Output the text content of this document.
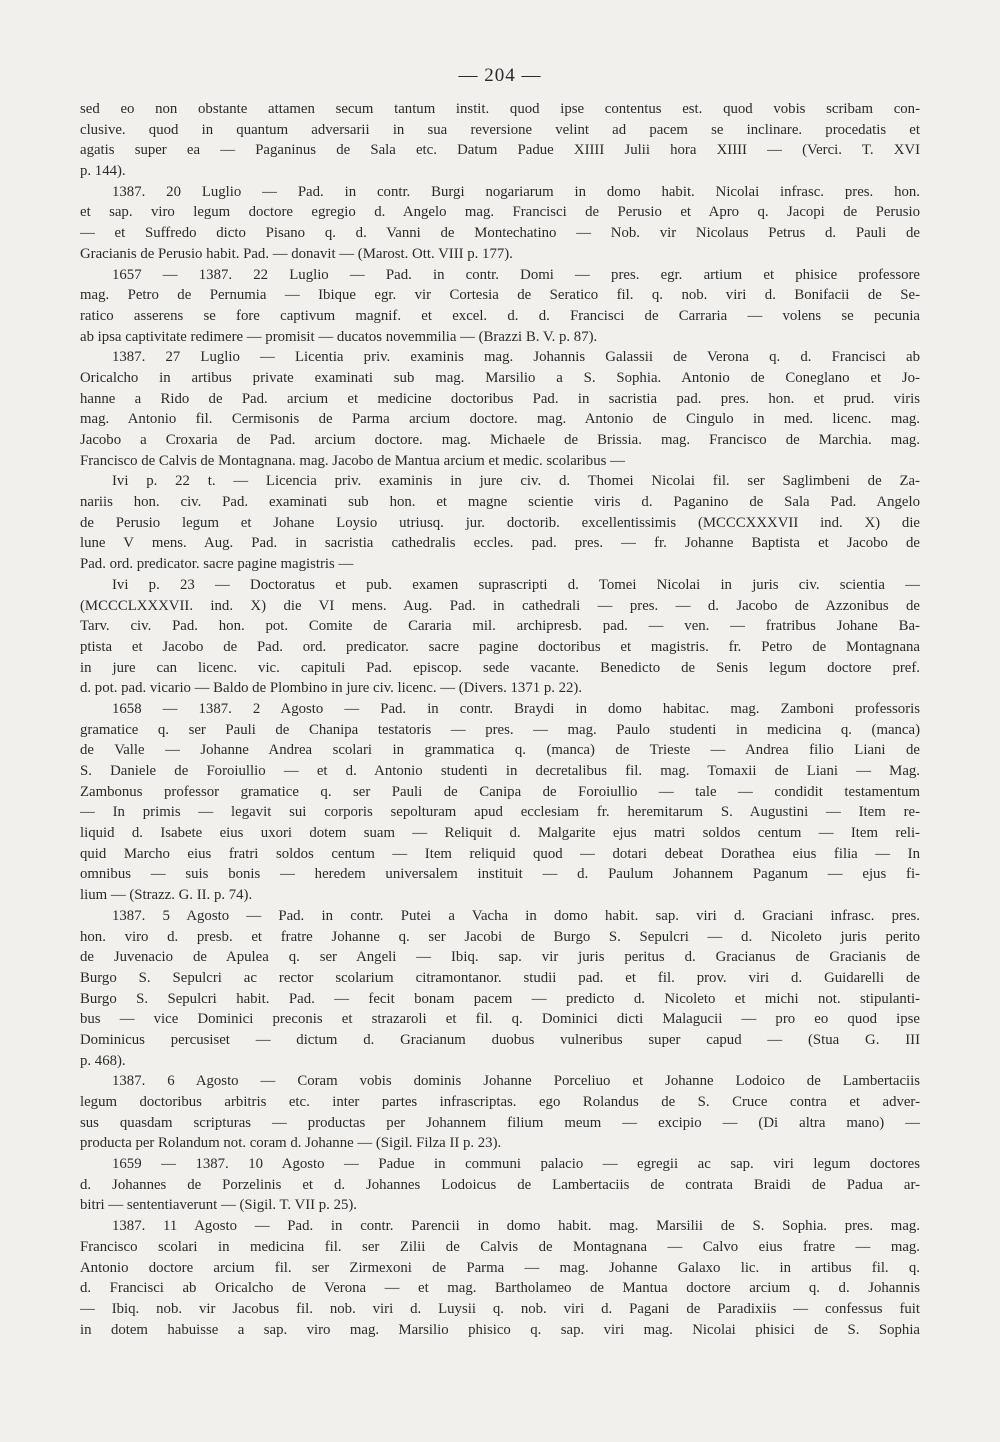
— 204 —
sed eo non obstante attamen secum tantum instit. quod ipse contentus est. quod vobis scribam con-
clusive. quod in quantum adversarii in sua reversione velint ad pacem se inclinare. procedatis et
agatis super ea — Paganinus de Sala etc. Datum Padue XIIII Julii hora XIIII — (Verci. T. XVI
p. 144).
1387. 20 Luglio — Pad. in contr. Burgi nogariarum in domo habit. Nicolai infrasc. pres. hon.
et sap. viro legum doctore egregio d. Angelo mag. Francisci de Perusio et Apro q. Jacopi de Perusio
— et Suffredo dicto Pisano q. d. Vanni de Montechatino — Nob. vir Nicolaus Petrus d. Pauli de
Gracianis de Perusio habit. Pad. — donavit — (Marost. Ott. VIII p. 177).
1657 — 1387. 22 Luglio — Pad. in contr. Domi — pres. egr. artium et phisice professore
mag. Petro de Pernumia — Ibique egr. vir Cortesia de Seratico fil. q. nob. viri d. Bonifacii de Se-
ratico asserens se fore captivum magnif. et excel. d. d. Francisci de Carraria — volens se pecunia
ab ipsa captivitate redimere — promisit — ducatos novemmilia — (Brazzi B. V. p. 87).
1387. 27 Luglio — Licentia priv. examinis mag. Johannis Galassii de Verona q. d. Francisci ab
Oricalcho in artibus private examinati sub mag. Marsilio a S. Sophia. Antonio de Coneglano et Jo-
hanne a Rido de Pad. arcium et medicine doctoribus Pad. in sacristia pad. pres. hon. et prud. viris
mag. Antonio fil. Cermisonis de Parma arcium doctore. mag. Antonio de Cingulo in med. licenc. mag.
Jacobo a Croxaria de Pad. arcium doctore. mag. Michaele de Brissia. mag. Francisco de Marchia. mag.
Francisco de Calvis de Montagnana. mag. Jacobo de Mantua arcium et medic. scolaribus —
Ivi p. 22 t. — Licencia priv. examinis in jure civ. d. Thomei Nicolai fil. ser Saglimbeni de Za-
nariis hon. civ. Pad. examinati sub hon. et magne scientie viris d. Paganino de Sala Pad. Angelo
de Perusio legum et Johane Loysio utriusq. jur. doctorib. excellentissimis (MCCCXXXVII ind. X) die
lune V mens. Aug. Pad. in sacristia cathedralis eccles. pad. pres. — fr. Johanne Baptista et Jacobo de
Pad. ord. predicator. sacre pagine magistris —
Ivi p. 23 — Doctoratus et pub. examen suprascripti d. Tomei Nicolai in juris civ. scientia —
(MCCCLXXXVII. ind. X) die VI mens. Aug. Pad. in cathedrali — pres. — d. Jacobo de Azzonibus de
Tarv. civ. Pad. hon. pot. Comite de Cararia mil. archipresb. pad. — ven. — fratribus Johane Ba-
ptista et Jacobo de Pad. ord. predicator. sacre pagine doctoribus et magistris. fr. Petro de Montagnana
in jure can licenc. vic. capituli Pad. episcop. sede vacante. Benedicto de Senis legum doctore pref.
d. pot. pad. vicario — Baldo de Plombino in jure civ. licenc. — (Divers. 1371 p. 22).
1658 — 1387. 2 Agosto — Pad. in contr. Braydi in domo habitac. mag. Zamboni professoris
gramatice q. ser Pauli de Chanipa testatoris — pres. — mag. Paulo studenti in medicina q. (manca)
de Valle — Johanne Andrea scolari in grammatica q. (manca) de Trieste — Andrea filio Liani de
S. Daniele de Foroiullio — et d. Antonio studenti in decretalibus fil. mag. Tomaxii de Liani — Mag.
Zambonus professor gramatice q. ser Pauli de Canipa de Foroiullio — tale — condidit testamentum
— In primis — legavit sui corporis sepolturam apud ecclesiam fr. heremitarum S. Augustini — Item re-
liquid d. Isabete eius uxori dotem suam — Reliquit d. Malgarite ejus matri soldos centum — Item reli-
quid Marcho eius fratri soldos centum — Item reliquid quod — dotari debeat Dorathea eius filia — In
omnibus — suis bonis — heredem universalem instituit — d. Paulum Johannem Paganum — ejus fi-
lium — (Strazz. G. II. p. 74).
1387. 5 Agosto — Pad. in contr. Putei a Vacha in domo habit. sap. viri d. Graciani infrasc. pres.
hon. viro d. presb. et fratre Johanne q. ser Jacobi de Burgo S. Sepulcri — d. Nicoleto juris perito
de Juvenacio de Apulea q. ser Angeli — Ibiq. sap. vir juris peritus d. Gracianus de Gracianis de
Burgo S. Sepulcri ac rector scolarium citramontanor. studii pad. et fil. prov. viri d. Guidarelli de
Burgo S. Sepulcri habit. Pad. — fecit bonam pacem — predicto d. Nicoleto et michi not. stipulanti-
bus — vice Dominici preconis et strazaroli et fil. q. Dominici dicti Malagucii — pro eo quod ipse
Dominicus percusiset — dictum d. Gracianum duobus vulneribus super capud — (Stua G. III
p. 468).
1387. 6 Agosto — Coram vobis dominis Johanne Porceliuo et Johanne Lodoico de Lambertaciis
legum doctoribus arbitris etc. inter partes infrascriptas. ego Rolandus de S. Cruce contra et adver-
sus quasdam scripturas — productas per Johannem filium meum — excipio — (Di altra mano) —
producta per Rolandum not. coram d. Johanne — (Sigil. Filza II p. 23).
1659 — 1387. 10 Agosto — Padue in communi palacio — egregii ac sap. viri legum doctores
d. Johannes de Porzelinis et d. Johannes Lodoicus de Lambertaciis de contrata Braidi de Padua ar-
bitri — sententiaverunt — (Sigil. T. VII p. 25).
1387. 11 Agosto — Pad. in contr. Parencii in domo habit. mag. Marsilii de S. Sophia. pres. mag.
Francisco scolari in medicina fil. ser Zilii de Calvis de Montagnana — Calvo eius fratre — mag.
Antonio doctore arcium fil. ser Zirmexoni de Parma — mag. Johanne Galaxo lic. in artibus fil. q.
d. Francisci ab Oricalcho de Verona — et mag. Bartholameo de Mantua doctore arcium q. d. Johannis
— Ibiq. nob. vir Jacobus fil. nob. viri d. Luysii q. nob. viri d. Pagani de Paradixiis — confessus fuit
in dotem habuisse a sap. viro mag. Marsilio phisico q. sap. viri mag. Nicolai phisici de S. Sophia
